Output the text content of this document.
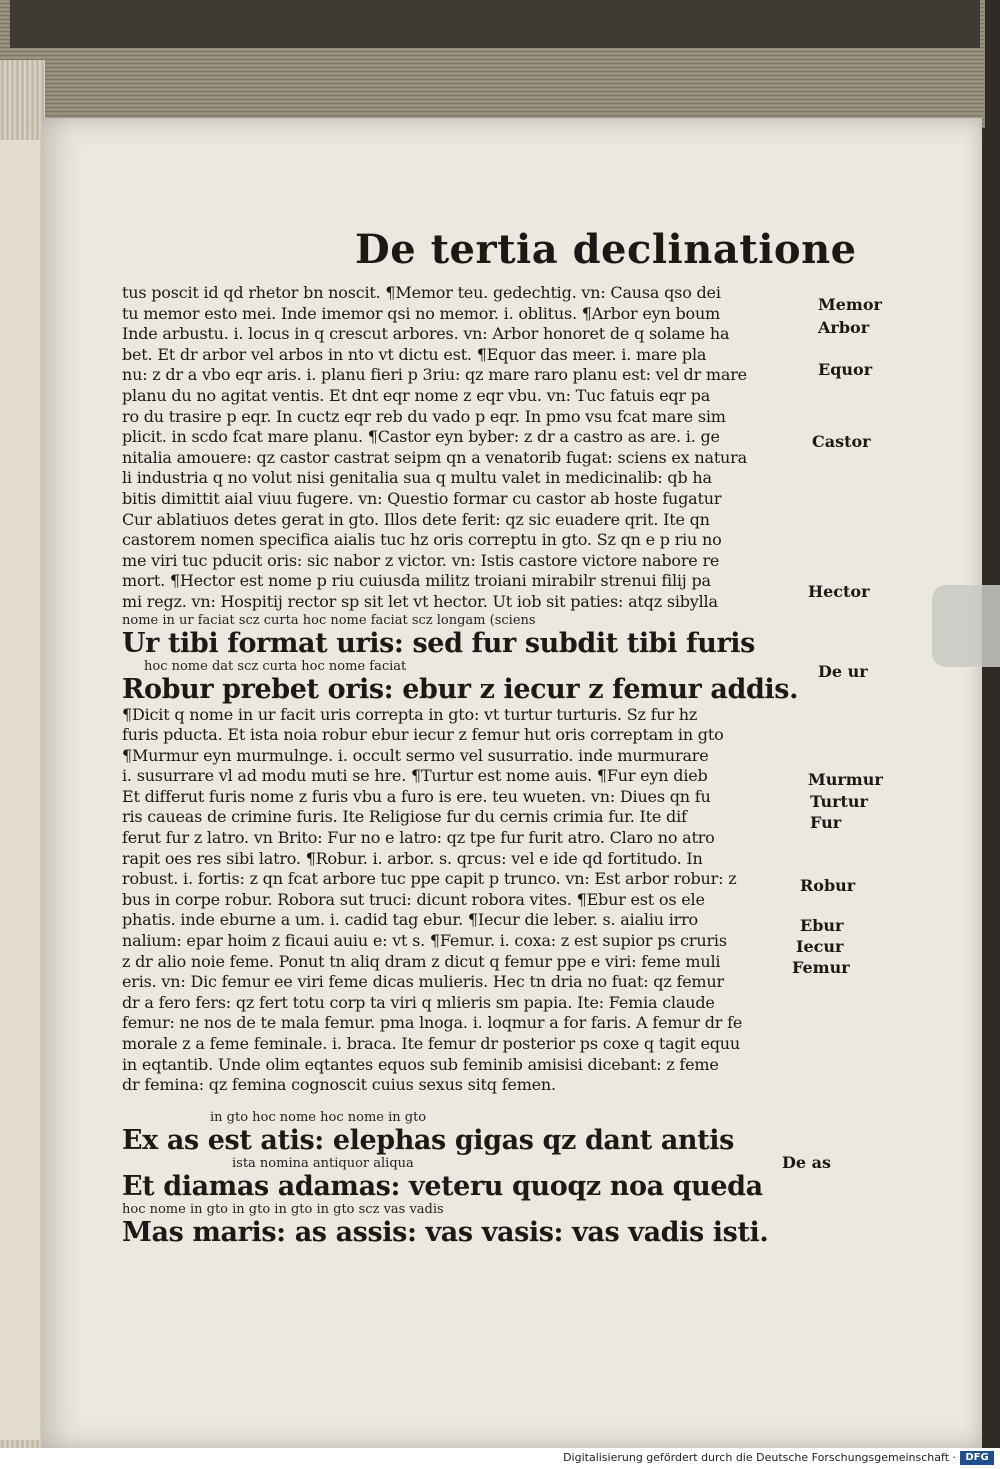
De tertia declinatione
tus poscit id qd rhetor bn noscit. ¶Memor teu. gedechtig. vn: Causa qso dei
tu memor esto mei. Inde imemor qsi no memor. i. oblitus. ¶Arbor eyn boum
Inde arbustu. i. locus in q crescut arbores. vn: Arbor honoret de q solame ha
bet. Et dr arbor vel arbos in nto vt dictu est. ¶Equor das meer. i. mare pla
nu: z dr a vbo eqr aris. i. planu fieri p 3riu: qz mare raro planu est: vel dr mare
planu du no agitat ventis. Et dnt eqr nome z eqr vbu. vn: Tuc fatuis eqr pa
ro du trasire p eqr. In cuctz eqr reb du vado p eqr. In pmo vsu fcat mare sim
plicit. in scdo fcat mare planu. ¶Castor eyn byber: z dr a castro as are. i. ge
nitalia amouere: qz castor castrat seipm qn a venatorib fugat: sciens ex natura
li industria q no volut nisi genitalia sua q multu valet in medicinalib: qb ha
bitis dimittit aial viuu fugere. vn: Questio formar cu castor ab hoste fugatur
Cur ablatiuos detes gerat in gto. Illos dete ferit: qz sic euadere qrit. Ite qn
castorem nomen specifica aialis tuc hz oris correptu in gto. Sz qn e p riu no
me viri tuc pducit oris: sic nabor z victor. vn: Istis castore victore nabore re
mort. ¶Hector est nome p riu cuiusda militz troiani mirabilr strenui filij pa
mi regz. vn: Hospitij rector sp sit let vt hector. Ut iob sit paties: atqz sibylla
nome in ur faciat scz curta hoc nome faciat scz longam (sciens
Ur tibi format uris: sed fur subdit tibi furis
hoc nome dat scz curta hoc nome faciat
Robur prebet oris: ebur z iecur z femur addis.
¶Dicit q nome in ur facit uris correpta in gto: vt turtur turturis. Sz fur hz
furis pducta. Et ista noia robur ebur iecur z femur hut oris correptam in gto
¶Murmur eyn murmulnge. i. occult sermo vel susurratio. inde murmurare
i. susurrare vl ad modu muti se hre. ¶Turtur est nome auis. ¶Fur eyn dieb
Et differut furis nome z furis vbu a furo is ere. teu wueten. vn: Diues qn fu
ris caueas de crimine furis. Ite Religiose fur du cernis crimia fur. Ite dif
ferut fur z latro. vn Brito: Fur no e latro: qz tpe fur furit atro. Claro no atro
rapit oes res sibi latro. ¶Robur. i. arbor. s. qrcus: vel e ide qd fortitudo. In
robust. i. fortis: z qn fcat arbore tuc ppe capit p trunco. vn: Est arbor robur: z
bus in corpe robur. Robora sut truci: dicunt robora vites. ¶Ebur est os ele
phatis. inde eburne a um. i. cadid tag ebur. ¶Iecur die leber. s. aialiu irro
nalium: epar hoim z ficaui auiu e: vt s. ¶Femur. i. coxa: z est supior ps cruris
z dr alio noie feme. Ponut tn aliq dram z dicut q femur ppe e viri: feme muli
eris. vn: Dic femur ee viri feme dicas mulieris. Hec tn dria no fuat: qz femur
dr a fero fers: qz fert totu corp ta viri q mlieris sm papia. Ite: Femia claude
femur: ne nos de te mala femur. pma lnoga. i. loqmur a for faris. A femur dr fe
morale z a feme feminale. i. braca. Ite femur dr posterior ps coxe q tagit equu
in eqtantib. Unde olim eqtantes equos sub feminib amisisi dicebant: z feme
dr femina: qz femina cognoscit cuius sexus sitq femen.
in gto hoc nome hoc nome in gto
Ex as est atis: elephas gigas qz dant antis
ista nomina antiquor aliqua
Et diamas adamas: veteru quoqz noa queda
hoc nome in gto in gto in gto in gto scz vas vadis
Mas maris: as assis: vas vasis: vas vadis isti.
Memor
Arbor
Equor
Castor
Hector
De ur
Murmur
Turtur
Fur
Robur
Ebur
Iecur
Femur
De as
Digitalisierung gefördert durch die Deutsche Forschungsgemeinschaft · DFG
